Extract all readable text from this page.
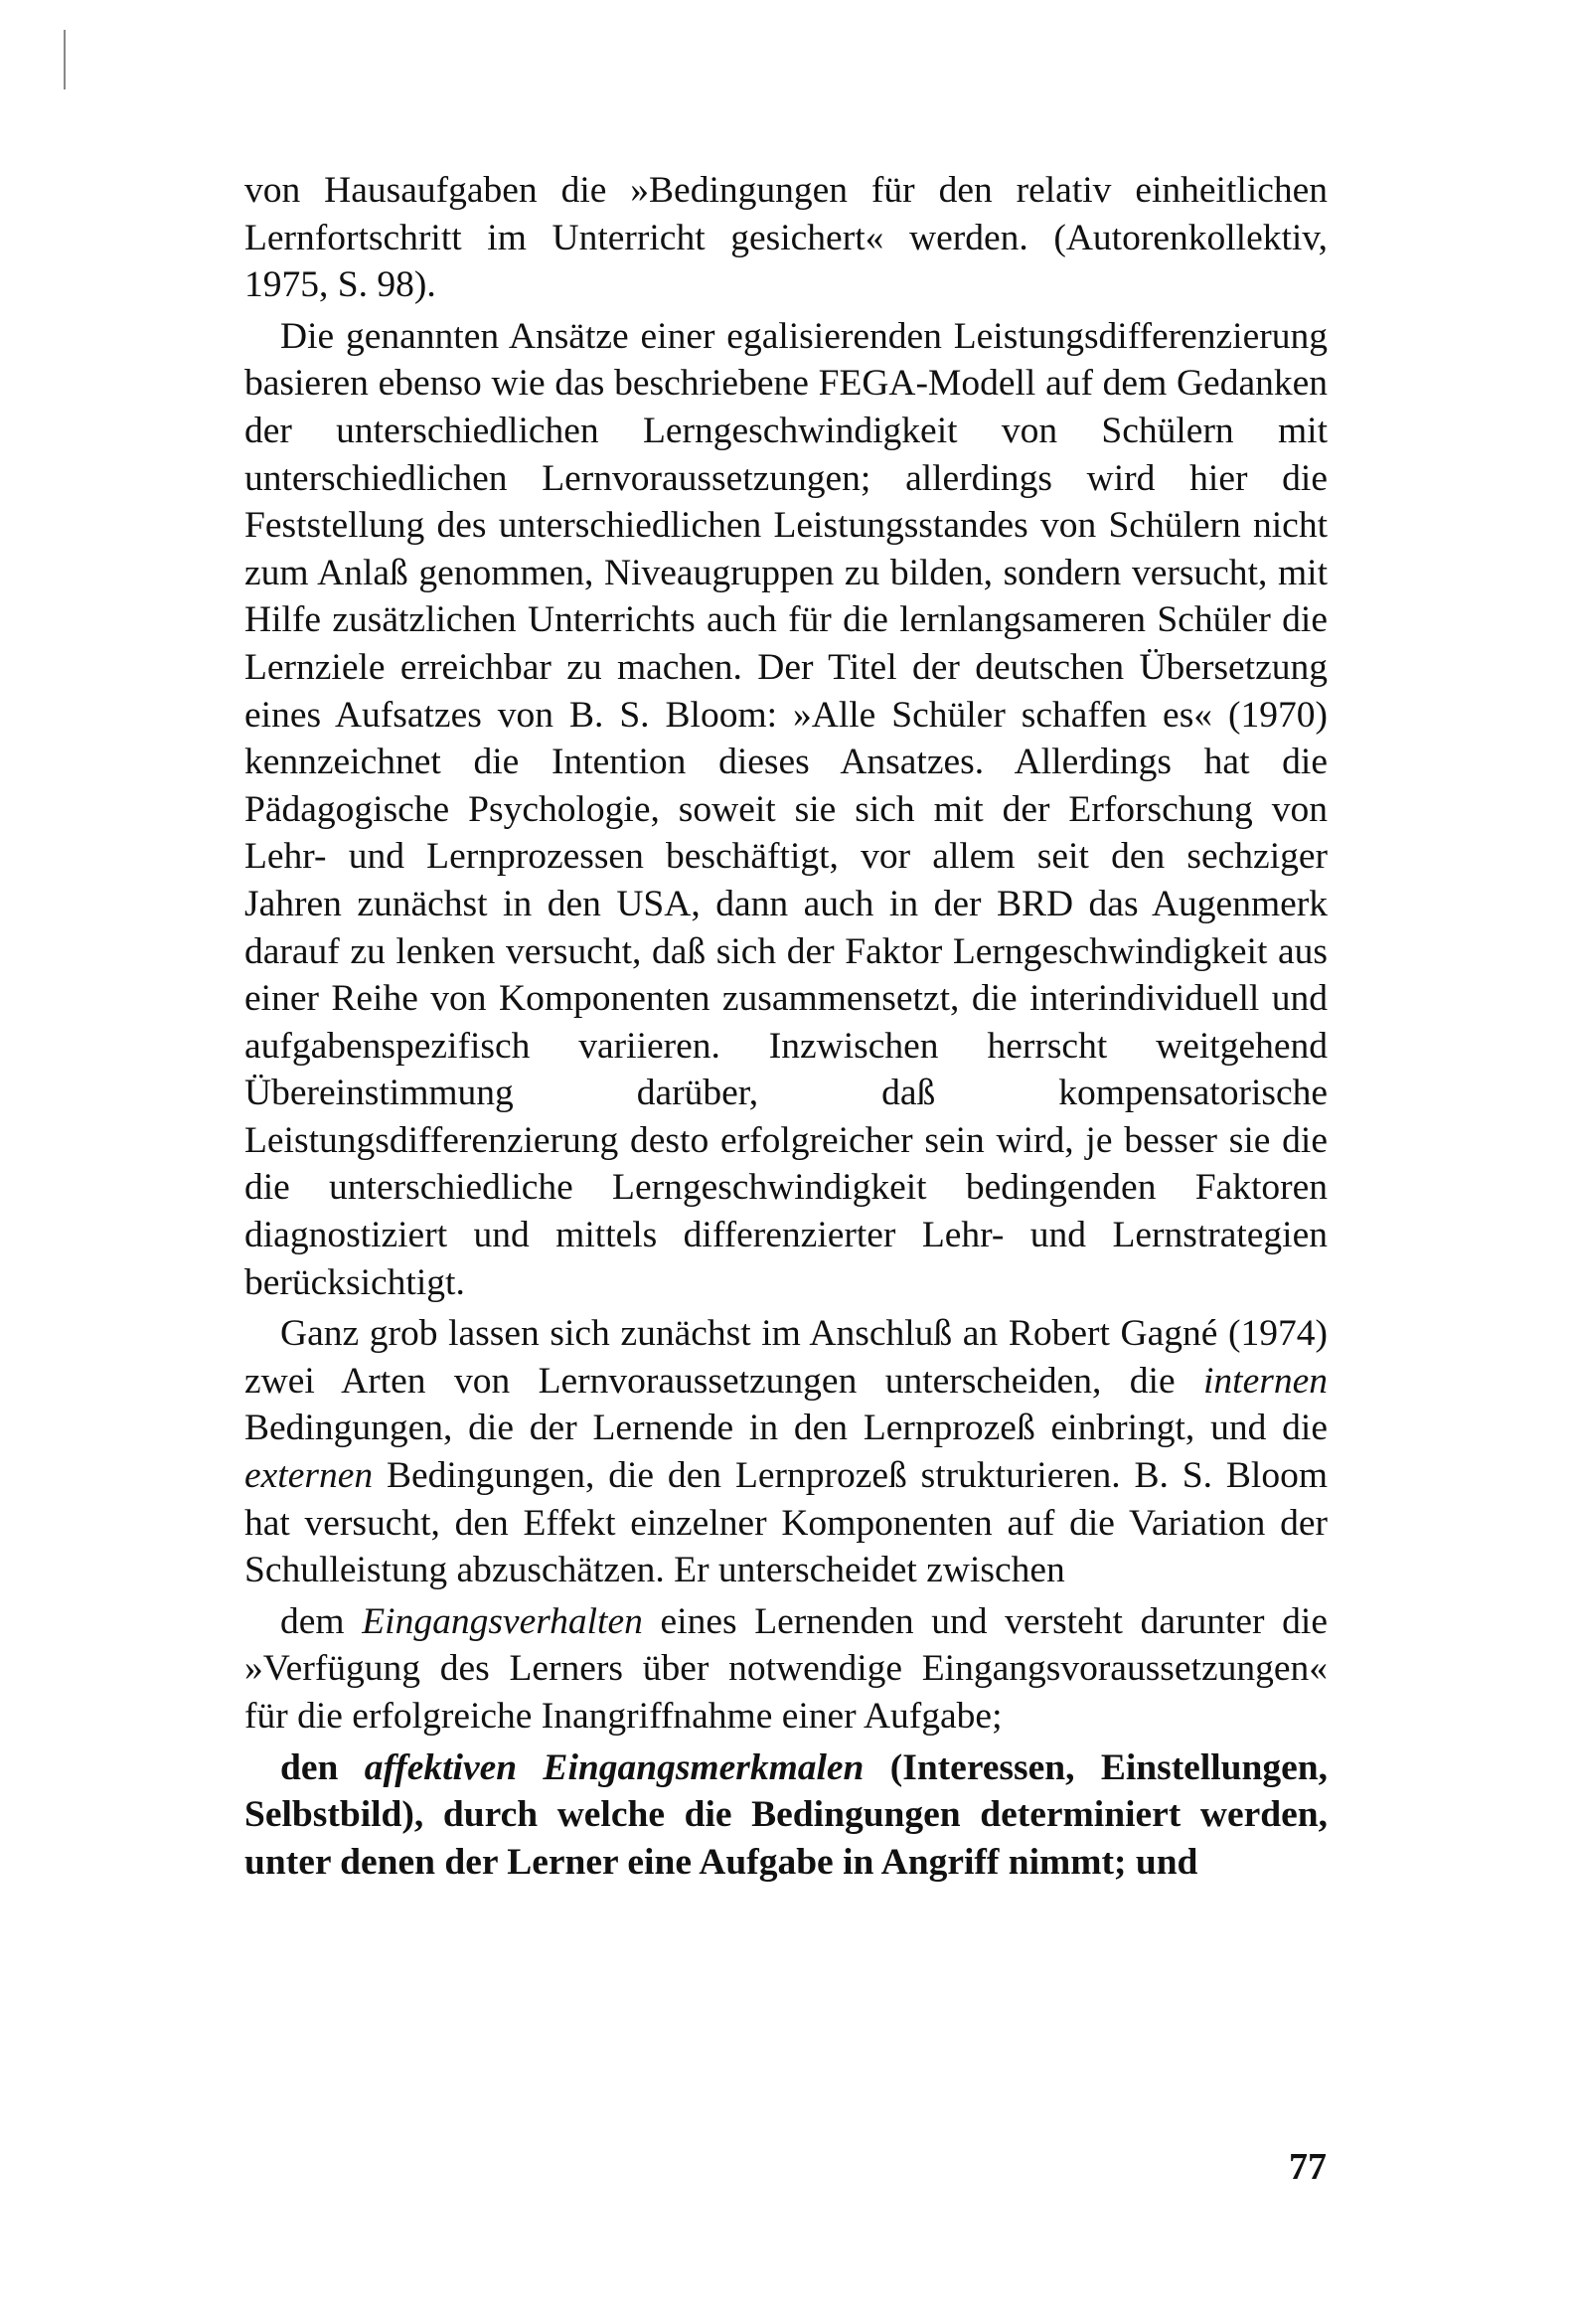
von Hausaufgaben die »Bedingungen für den relativ einheitlichen Lernfortschritt im Unterricht gesichert« werden. (Autorenkollektiv, 1975, S. 98).

Die genannten Ansätze einer egalisierenden Leistungsdifferenzierung basieren ebenso wie das beschriebene FEGA-Modell auf dem Gedanken der unterschiedlichen Lerngeschwindigkeit von Schülern mit unterschiedlichen Lernvoraussetzungen; allerdings wird hier die Feststellung des unterschiedlichen Leistungsstandes von Schülern nicht zum Anlaß genommen, Niveaugruppen zu bilden, sondern versucht, mit Hilfe zusätzlichen Unterrichts auch für die lernlangsameren Schüler die Lernziele erreichbar zu machen. Der Titel der deutschen Übersetzung eines Aufsatzes von B. S. Bloom: »Alle Schüler schaffen es« (1970) kennzeichnet die Intention dieses Ansatzes. Allerdings hat die Pädagogische Psychologie, soweit sie sich mit der Erforschung von Lehr- und Lernprozessen beschäftigt, vor allem seit den sechziger Jahren zunächst in den USA, dann auch in der BRD das Augenmerk darauf zu lenken versucht, daß sich der Faktor Lerngeschwindigkeit aus einer Reihe von Komponenten zusammensetzt, die interindividuell und aufgabenspezifisch variieren. Inzwischen herrscht weitgehend Übereinstimmung darüber, daß kompensatorische Leistungsdifferenzierung desto erfolgreicher sein wird, je besser sie die die unterschiedliche Lerngeschwindigkeit bedingenden Faktoren diagnostiziert und mittels differenzierter Lehr- und Lernstrategien berücksichtigt.

Ganz grob lassen sich zunächst im Anschluß an Robert Gagné (1974) zwei Arten von Lernvoraussetzungen unterscheiden, die internen Bedingungen, die der Lernende in den Lernprozeß einbringt, und die externen Bedingungen, die den Lernprozeß strukturieren. B. S. Bloom hat versucht, den Effekt einzelner Komponenten auf die Variation der Schulleistung abzuschätzen. Er unterscheidet zwischen

dem Eingangsverhalten eines Lernenden und versteht darunter die »Verfügung des Lerners über notwendige Eingangsvoraussetzungen« für die erfolgreiche Inangriffnahme einer Aufgabe;

den affektiven Eingangsmerkmalen (Interessen, Einstellungen, Selbstbild), durch welche die Bedingungen determiniert werden, unter denen der Lerner eine Aufgabe in Angriff nimmt; und

77
